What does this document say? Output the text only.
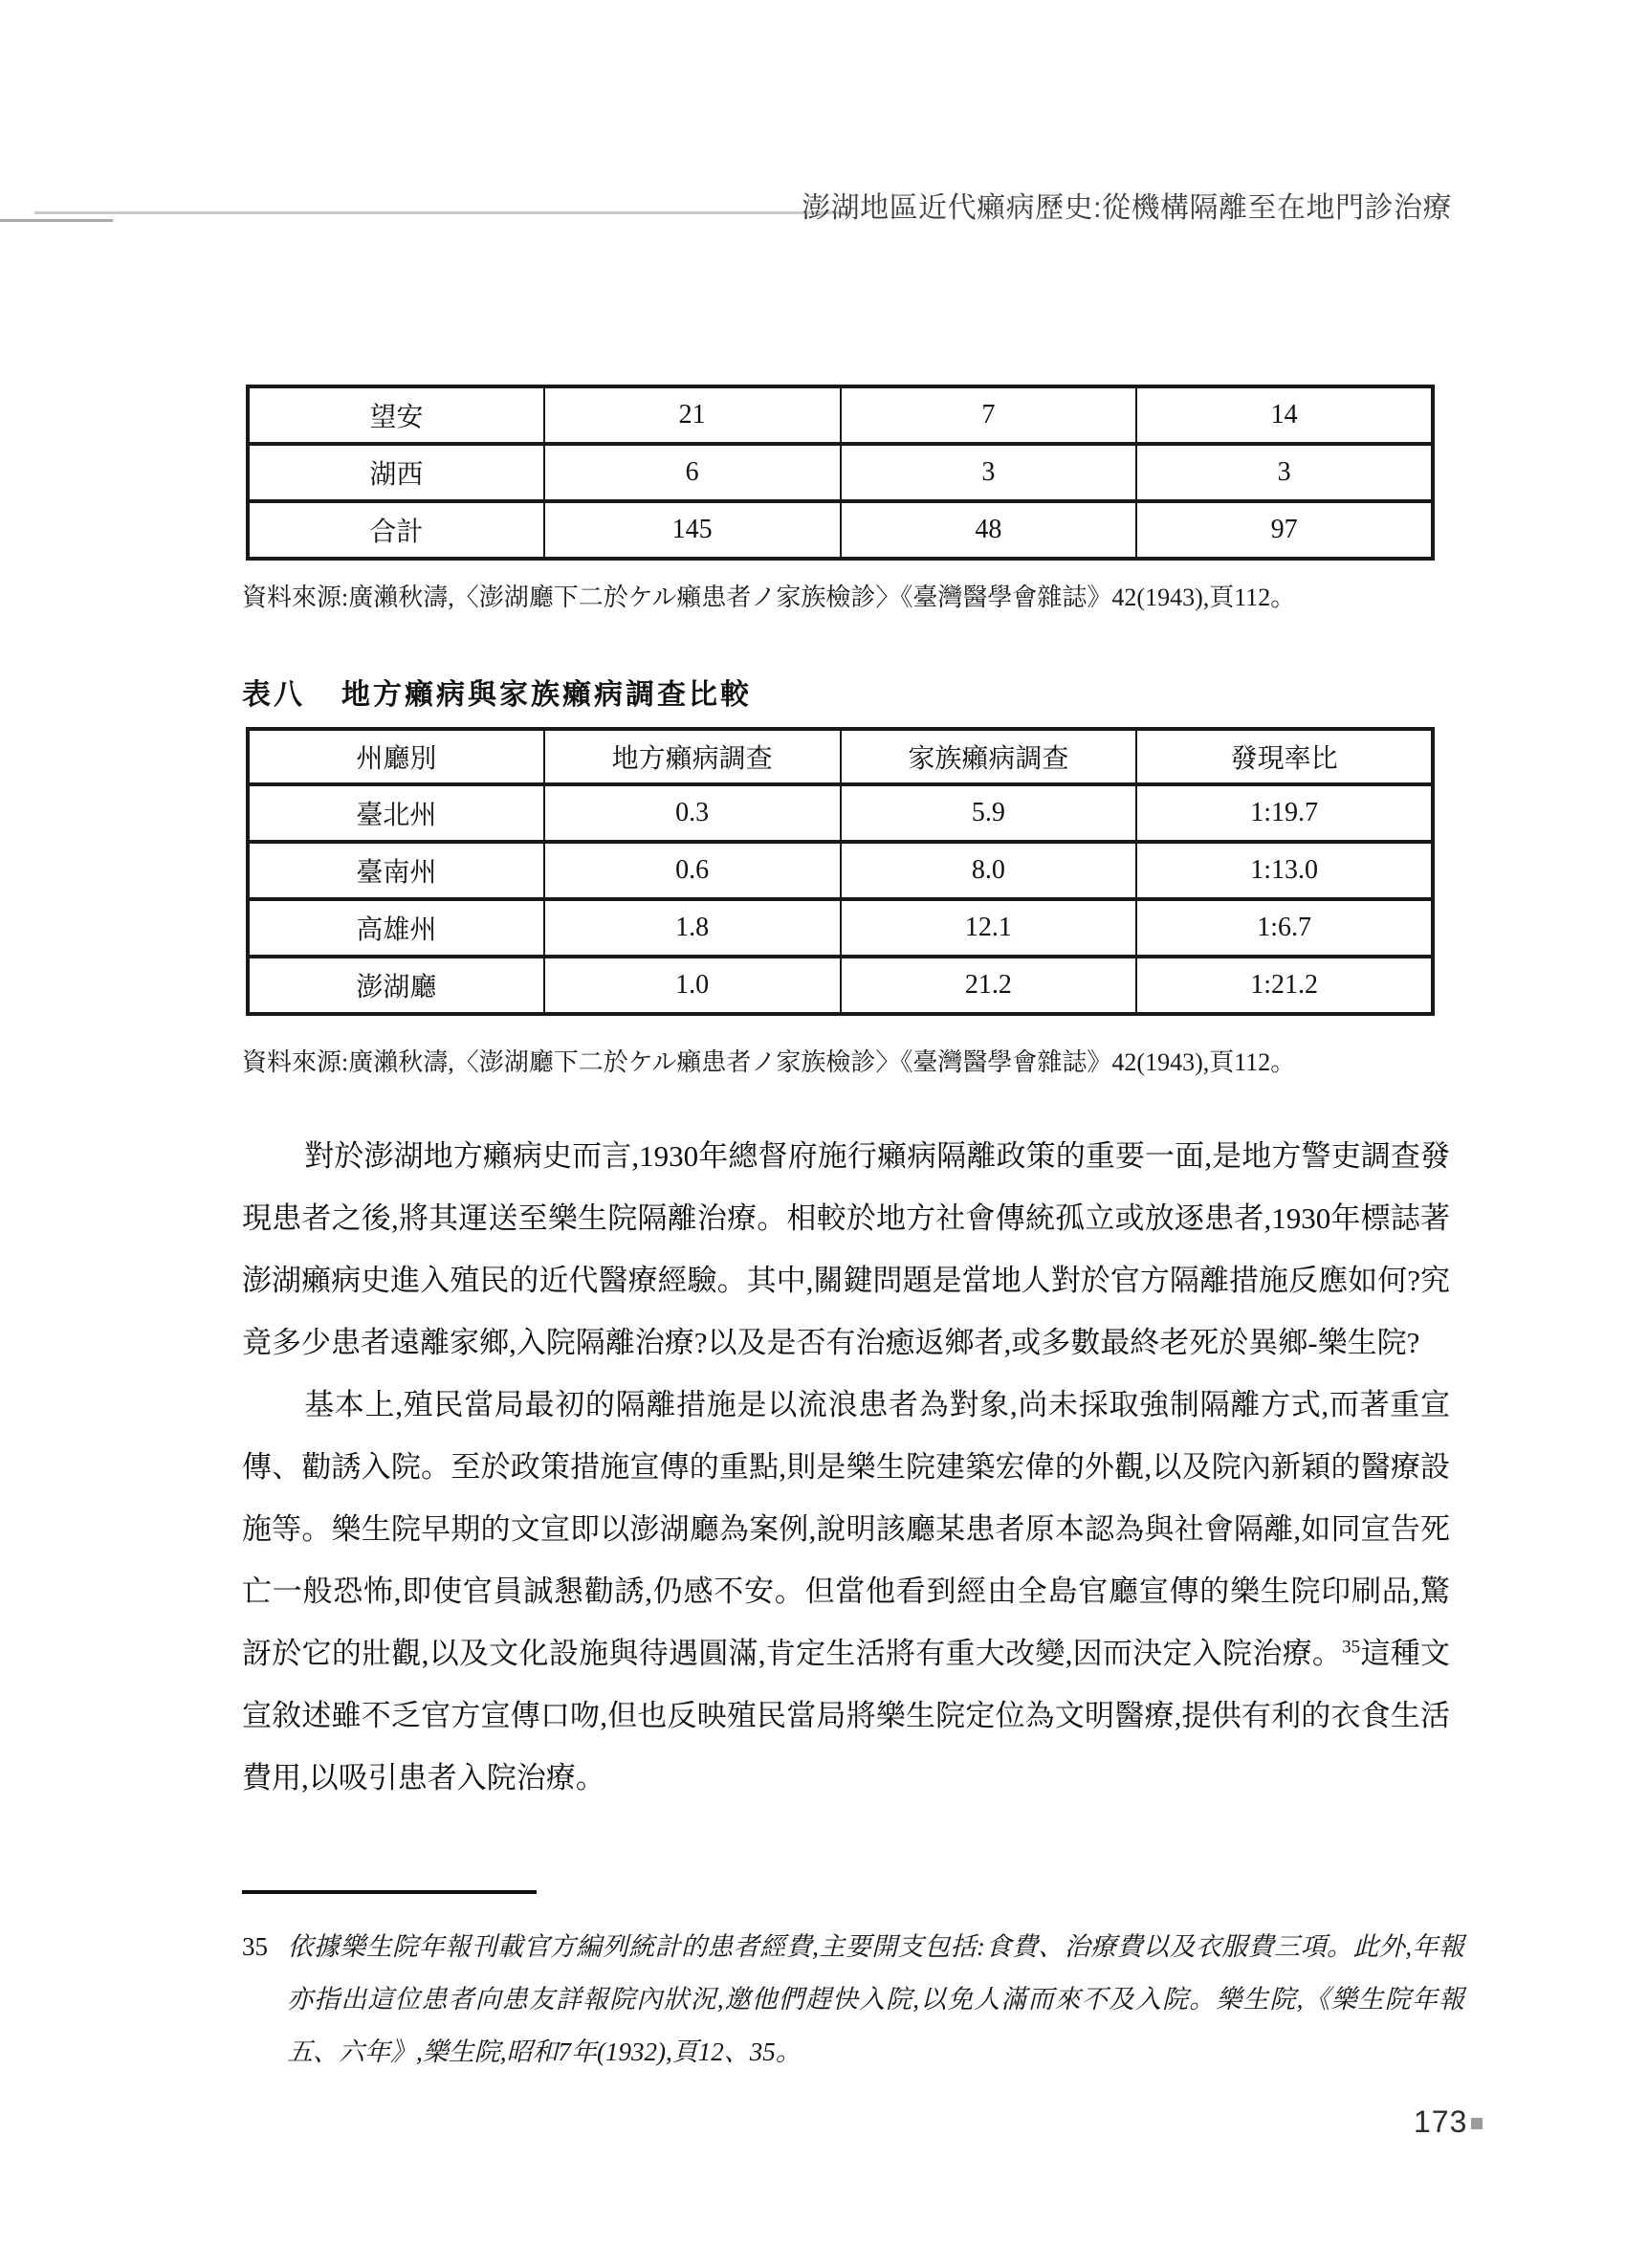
澎湖地區近代癩病歷史:從機構隔離至在地門診治療
望安	21	7	14
湖西	6	3	3
合計	145	48	97
資料來源:廣瀨秋濤,〈澎湖廳下二於ケル癩患者ノ家族檢診〉《臺灣醫學會雜誌》42(1943),頁112。
表八 地方癩病與家族癩病調查比較
州廳別	地方癩病調查	家族癩病調查	發現率比
臺北州	0.3	5.9	1:19.7
臺南州	0.6	8.0	1:13.0
高雄州	1.8	12.1	1:6.7
澎湖廳	1.0	21.2	1:21.2
資料來源:廣瀨秋濤,〈澎湖廳下二於ケル癩患者ノ家族檢診〉《臺灣醫學會雜誌》42(1943),頁112。

對於澎湖地方癩病史而言,1930年總督府施行癩病隔離政策的重要一面,是地方警吏調查發現患者之後,將其運送至樂生院隔離治療。相較於地方社會傳統孤立或放逐患者,1930年標誌著澎湖癩病史進入殖民的近代醫療經驗。其中,關鍵問題是當地人對於官方隔離措施反應如何?究竟多少患者遠離家鄉,入院隔離治療?以及是否有治癒返鄉者,或多數最終老死於異鄉-樂生院?

基本上,殖民當局最初的隔離措施是以流浪患者為對象,尚未採取強制隔離方式,而著重宣傳、勸誘入院。至於政策措施宣傳的重點,則是樂生院建築宏偉的外觀,以及院內新穎的醫療設施等。樂生院早期的文宣即以澎湖廳為案例,說明該廳某患者原本認為與社會隔離,如同宣告死亡一般恐怖,即使官員誠懇勸誘,仍感不安。但當他看到經由全島官廳宣傳的樂生院印刷品,驚訝於它的壯觀,以及文化設施與待遇圓滿,肯定生活將有重大改變,因而決定入院治療。$^{35}$這種文宣敘述雖不乏官方宣傳口吻,但也反映殖民當局將樂生院定位為文明醫療,提供有利的衣食生活費用,以吸引患者入院治療。

35 依據樂生院年報刊載官方編列統計的患者經費,主要開支包括:食費、治療費以及衣服費三項。此外,年報亦指出這位患者向患友詳報院內狀況,邀他們趕快入院,以免人滿而來不及入院。樂生院,《樂生院年報五、六年》,樂生院,昭和7年(1932),頁12、35。
173
